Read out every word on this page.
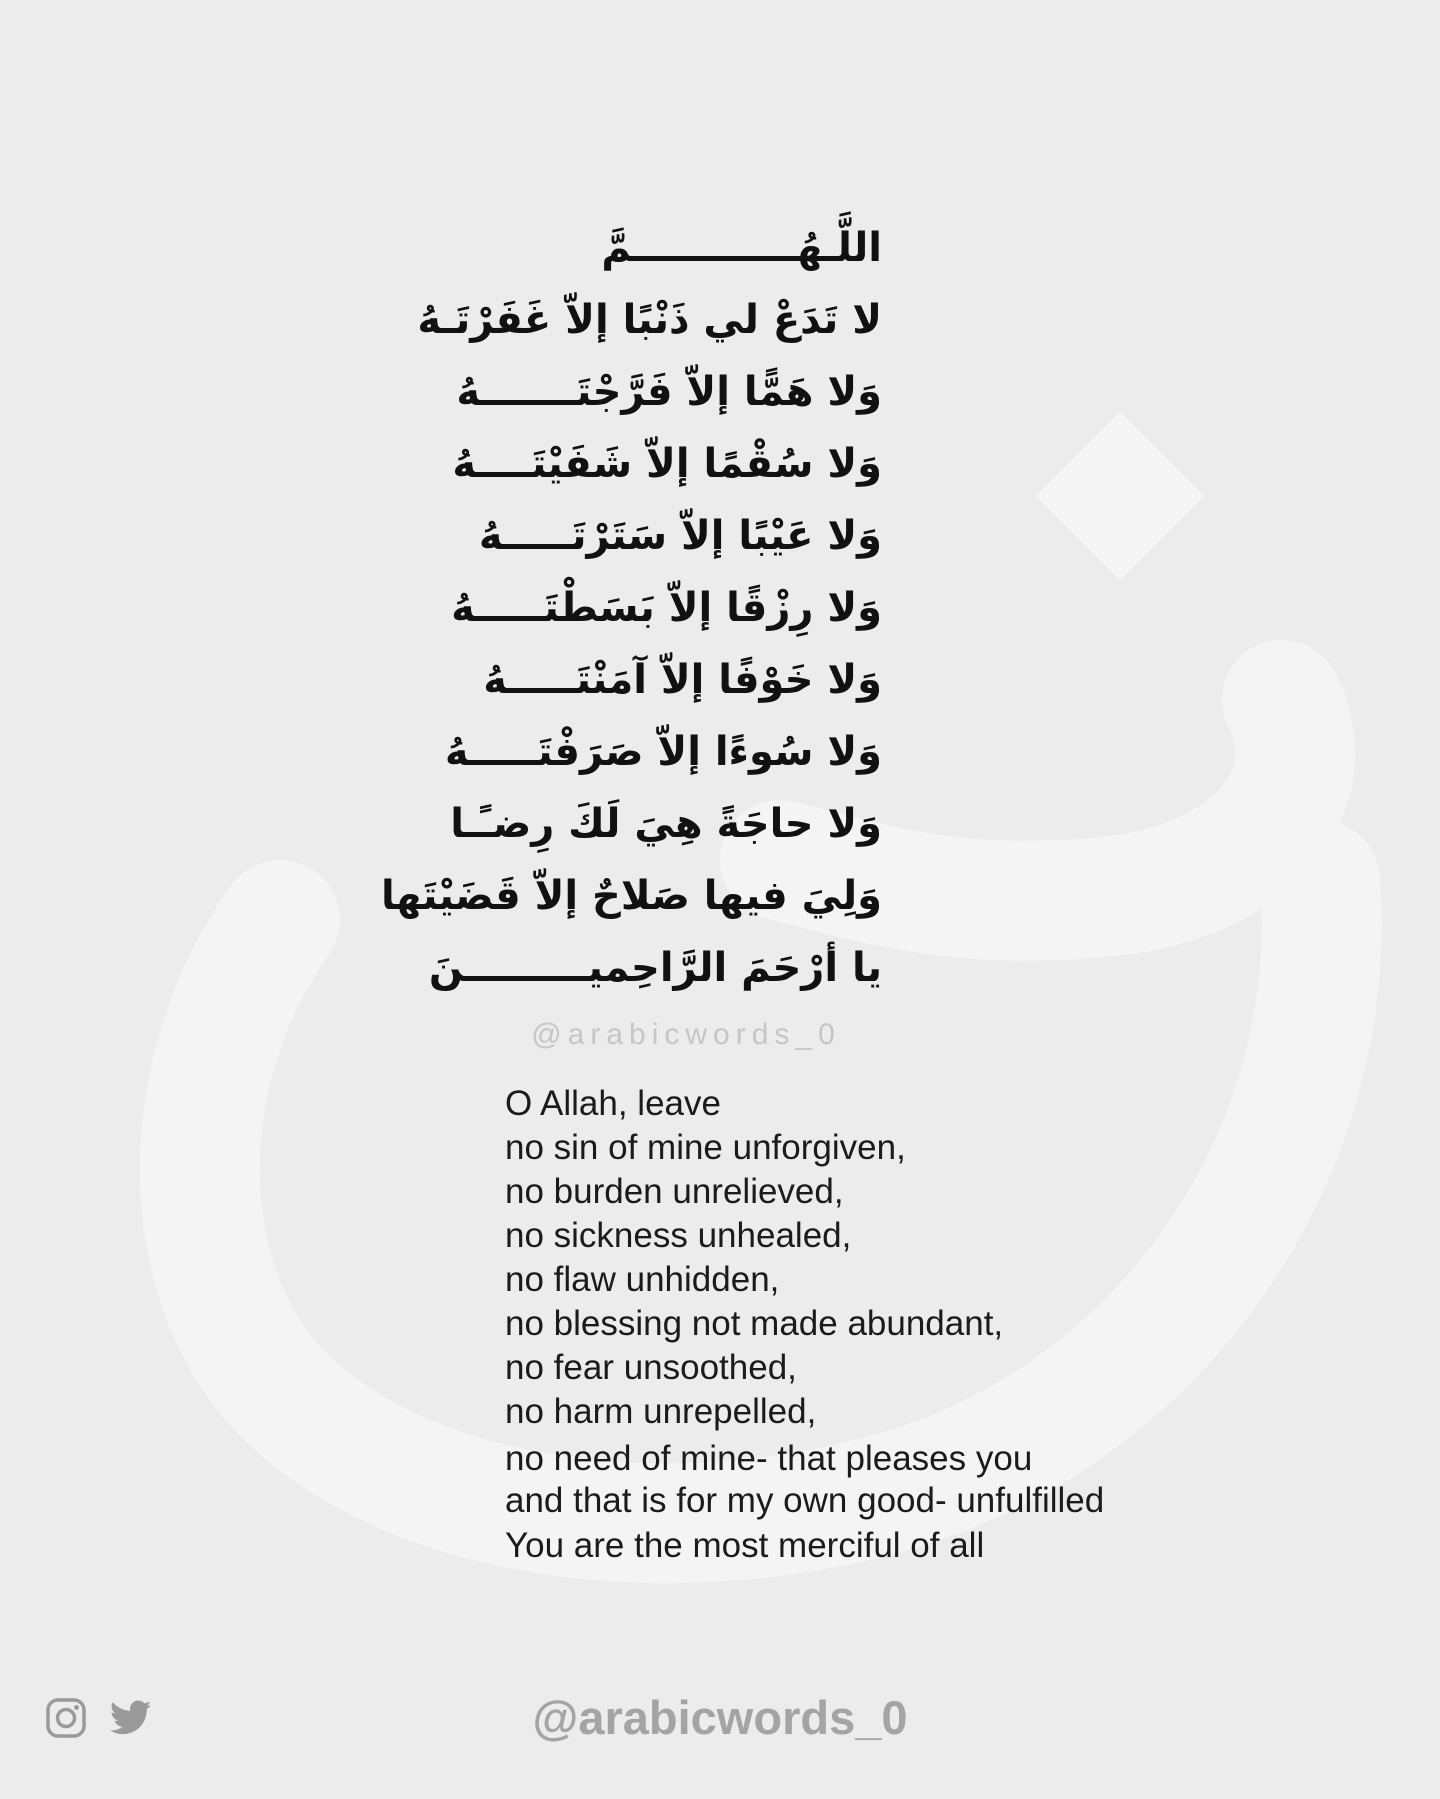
اللَّـهُــــــــــــمَّ
لا تَدَعْ لي ذَنْبًا إلاّ غَفَرْتَـهُ
وَلا هَمًّا إلاّ فَرَّجْتَـــــــهُ
وَلا سُقْمًا إلاّ شَفَيْتَــــهُ
وَلا عَيْبًا إلاّ سَتَرْتَـــــهُ
وَلا رِزْقًا إلاّ بَسَطْتَـــــهُ
وَلا خَوْفًا إلاّ آمَنْتَـــــهُ
وَلا سُوءًا إلاّ صَرَفْتَـــــهُ
وَلا حاجَةً هِيَ لَكَ رِضـًـا
وَلِيَ فيها صَلاحٌ إلاّ قَضَيْتَها
يا أرْحَمَ الرَّاحِميـــــــــنَ
@arabicwords_0
O Allah, leave
no sin of mine unforgiven,
no burden unrelieved,
no sickness unhealed,
no flaw unhidden,
no blessing not made abundant,
no fear unsoothed,
no harm unrepelled,
no need of mine- that pleases you
and that is for my own good- unfulfilled
You are the most merciful of all
@arabicwords_0
